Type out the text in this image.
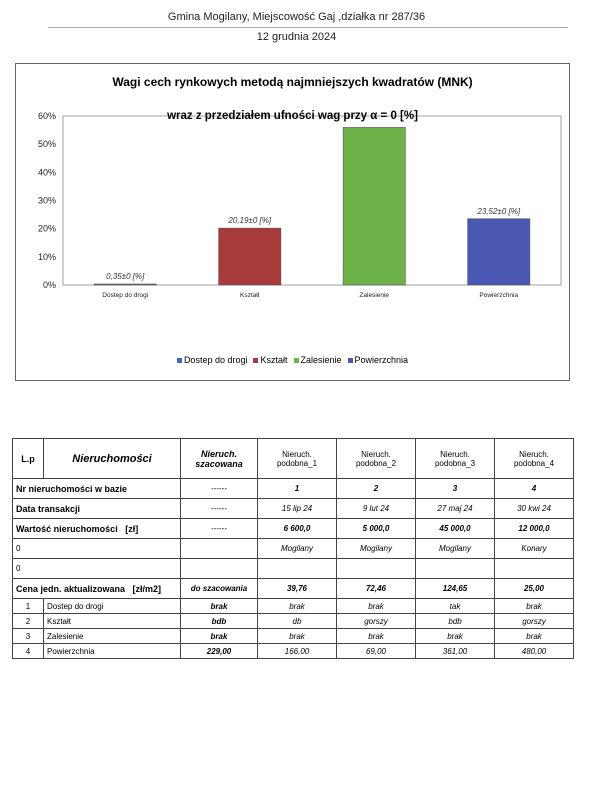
Gmina Mogilany, Miejscowość Gaj ,działka nr 287/36
12 grudnia 2024
0%
10%
20%
30%
40%
50%
60%
0,35±0 [%]
Dostep do drogi
20,19±0 [%]
Kształt	Zalesienie
23,52±0 [%]
Powierzchnia
Wagi cech rynkowych metodą najmniejszych kwadratów (MNK)
wraz z przedziałem ufności wag przy α = 0 [%]
Dostep do drogi Kształt Zalesienie Powierzchnia
L.p	Nieruchomości	Nieruch. szacowana	Nieruch. podobna_1	Nieruch. podobna_2	Nieruch. podobna_3	Nieruch. podobna_4
Nr nieruchomości w bazie		------	1	2	3	4
Data transakcji		------	15 lip 24	9 lut 24	27 maj 24	30 kwi 24
Wartość nieruchomości [zł]		------	6 600,0	5 000,0	45 000,0	12 000,0
0			Mogilany	Mogilany	Mogilany	Konary
0						
Cena jedn. aktualizowana [zł/m2]		do szacowania	39,76	72,46	124,65	25,00
1	Dostep do drogi	brak	brak	brak	tak	brak
2	Kształt	bdb	db	gorszy	bdb	gorszy
3	Zalesienie	brak	brak	brak	brak	brak
4	Powierzchnia	229,00	166,00	69,00	361,00	480,00
